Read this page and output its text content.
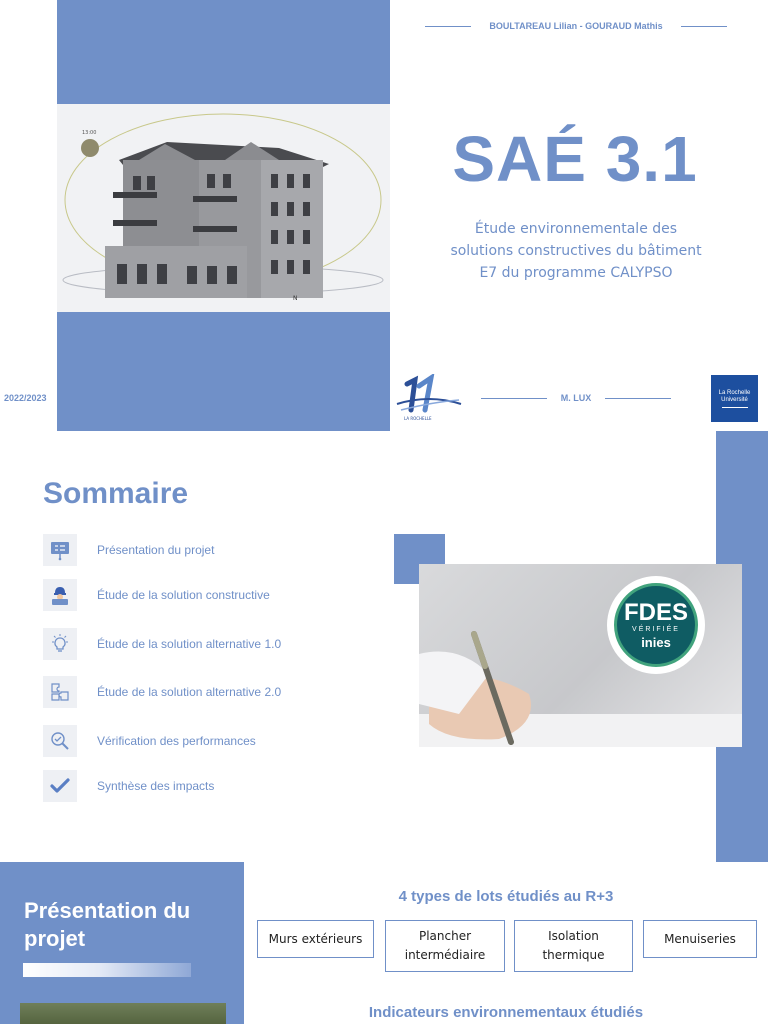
13:00
N
BOULTAREAU Lilian - GOURAUD Mathis
SAÉ 3.1
Étude environnementale des
solutions constructives du bâtiment
E7 du programme CALYPSO
2022/2023
LA ROCHELLE
M. LUX
La Rochelle
Université
Sommaire
Présentation du projet
Étude de la solution constructive
Étude de la solution alternative 1.0
Étude de la solution alternative 2.0
Vérification des performances
Synthèse des impacts
FDES
VÉRIFIÉE
inies
Présentation du projet
4 types de lots étudiés au R+3
Murs extérieurs	Plancher intermédiaire
Isolation thermique
Menuiseries
Indicateurs environnementaux étudiés
